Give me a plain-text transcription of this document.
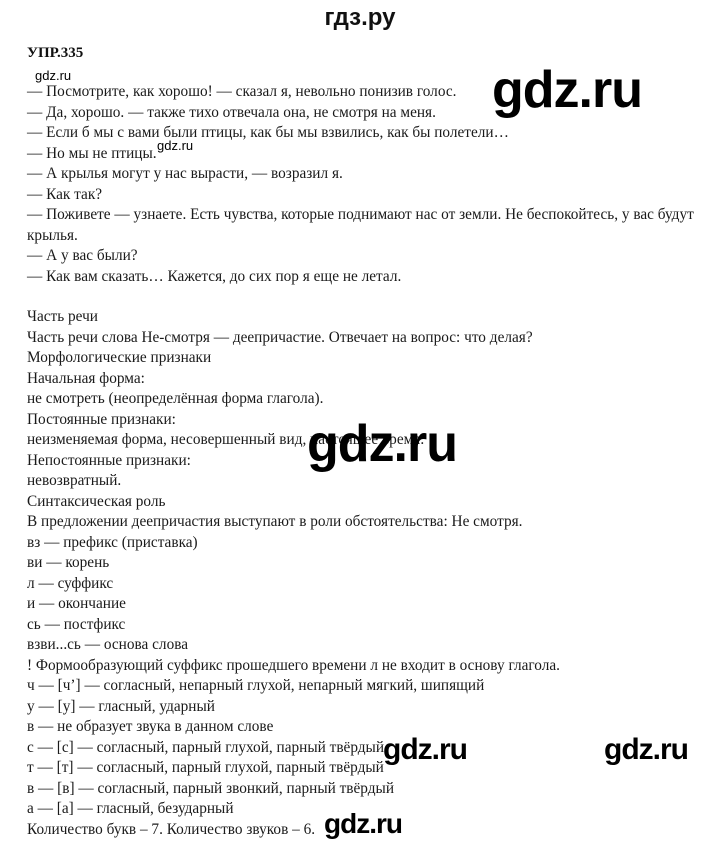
гдз.ру
УПР.335
— Посмотрите, как хорошо! — сказал я, невольно понизив голос.
— Да, хорошо. — также тихо отвечала она, не смотря на меня.
— Если б мы с вами были птицы, как бы мы взвились, как бы полетели…
— Но мы не птицы.
— А крылья могут у нас вырасти, — возразил я.
— Как так?
— Поживете — узнаете. Есть чувства, которые поднимают нас от земли. Не беспокойтесь, у вас будут крылья.
— А у вас были?
— Как вам сказать… Кажется, до сих пор я еще не летал.
Часть речи
Часть речи слова Не-смотря — деепричастие. Отвечает на вопрос: что делая?
Морфологические признаки
Начальная форма:
не смотреть (неопределённая форма глагола).
Постоянные признаки:
неизменяемая форма, несовершенный вид, настоящее время.
Непостоянные признаки:
невозвратный.
Синтаксическая роль
В предложении деепричастия выступают в роли обстоятельства: Не смотря.
вз — префикс (приставка)
ви — корень
л — суффикс
и — окончание
сь — постфикс
взви...сь — основа слова
! Формообразующий суффикс прошедшего времени л не входит в основу глагола.
ч — [ч’] — согласный, непарный глухой, непарный мягкий, шипящий
у — [у] — гласный, ударный
в — не образует звука в данном слове
с — [с] — согласный, парный глухой, парный твёрдый
т — [т] — согласный, парный глухой, парный твёрдый
в — [в] — согласный, парный звонкий, парный твёрдый
а — [а] — гласный, безударный
Количество букв – 7. Количество звуков – 6.
gdz.ru	gdz.ru
gdz.ru
gdz.ru
gdz.ru	gdz.ru
gdz.ru
